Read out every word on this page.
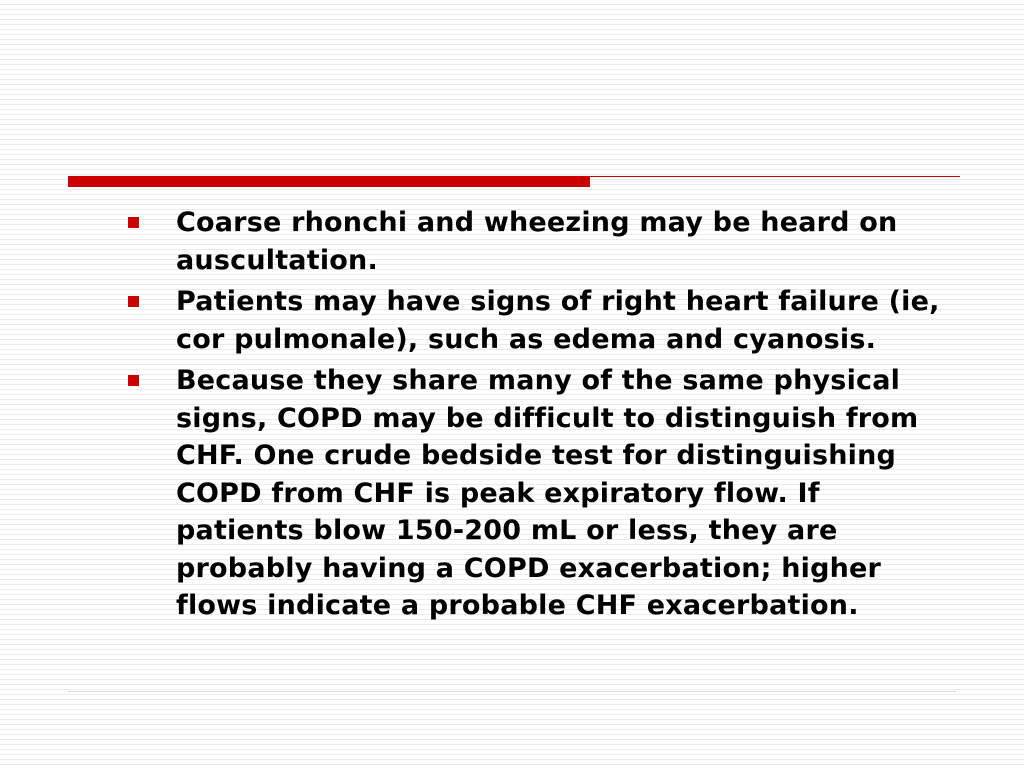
Coarse rhonchi and wheezing may be heard on auscultation.
Patients may have signs of right heart failure (ie, cor pulmonale), such as edema and cyanosis.
Because they share many of the same physical signs, COPD may be difficult to distinguish from CHF. One crude bedside test for distinguishing COPD from CHF is peak expiratory flow. If patients blow 150-200 mL or less, they are probably having a COPD exacerbation; higher flows indicate a probable CHF exacerbation.
